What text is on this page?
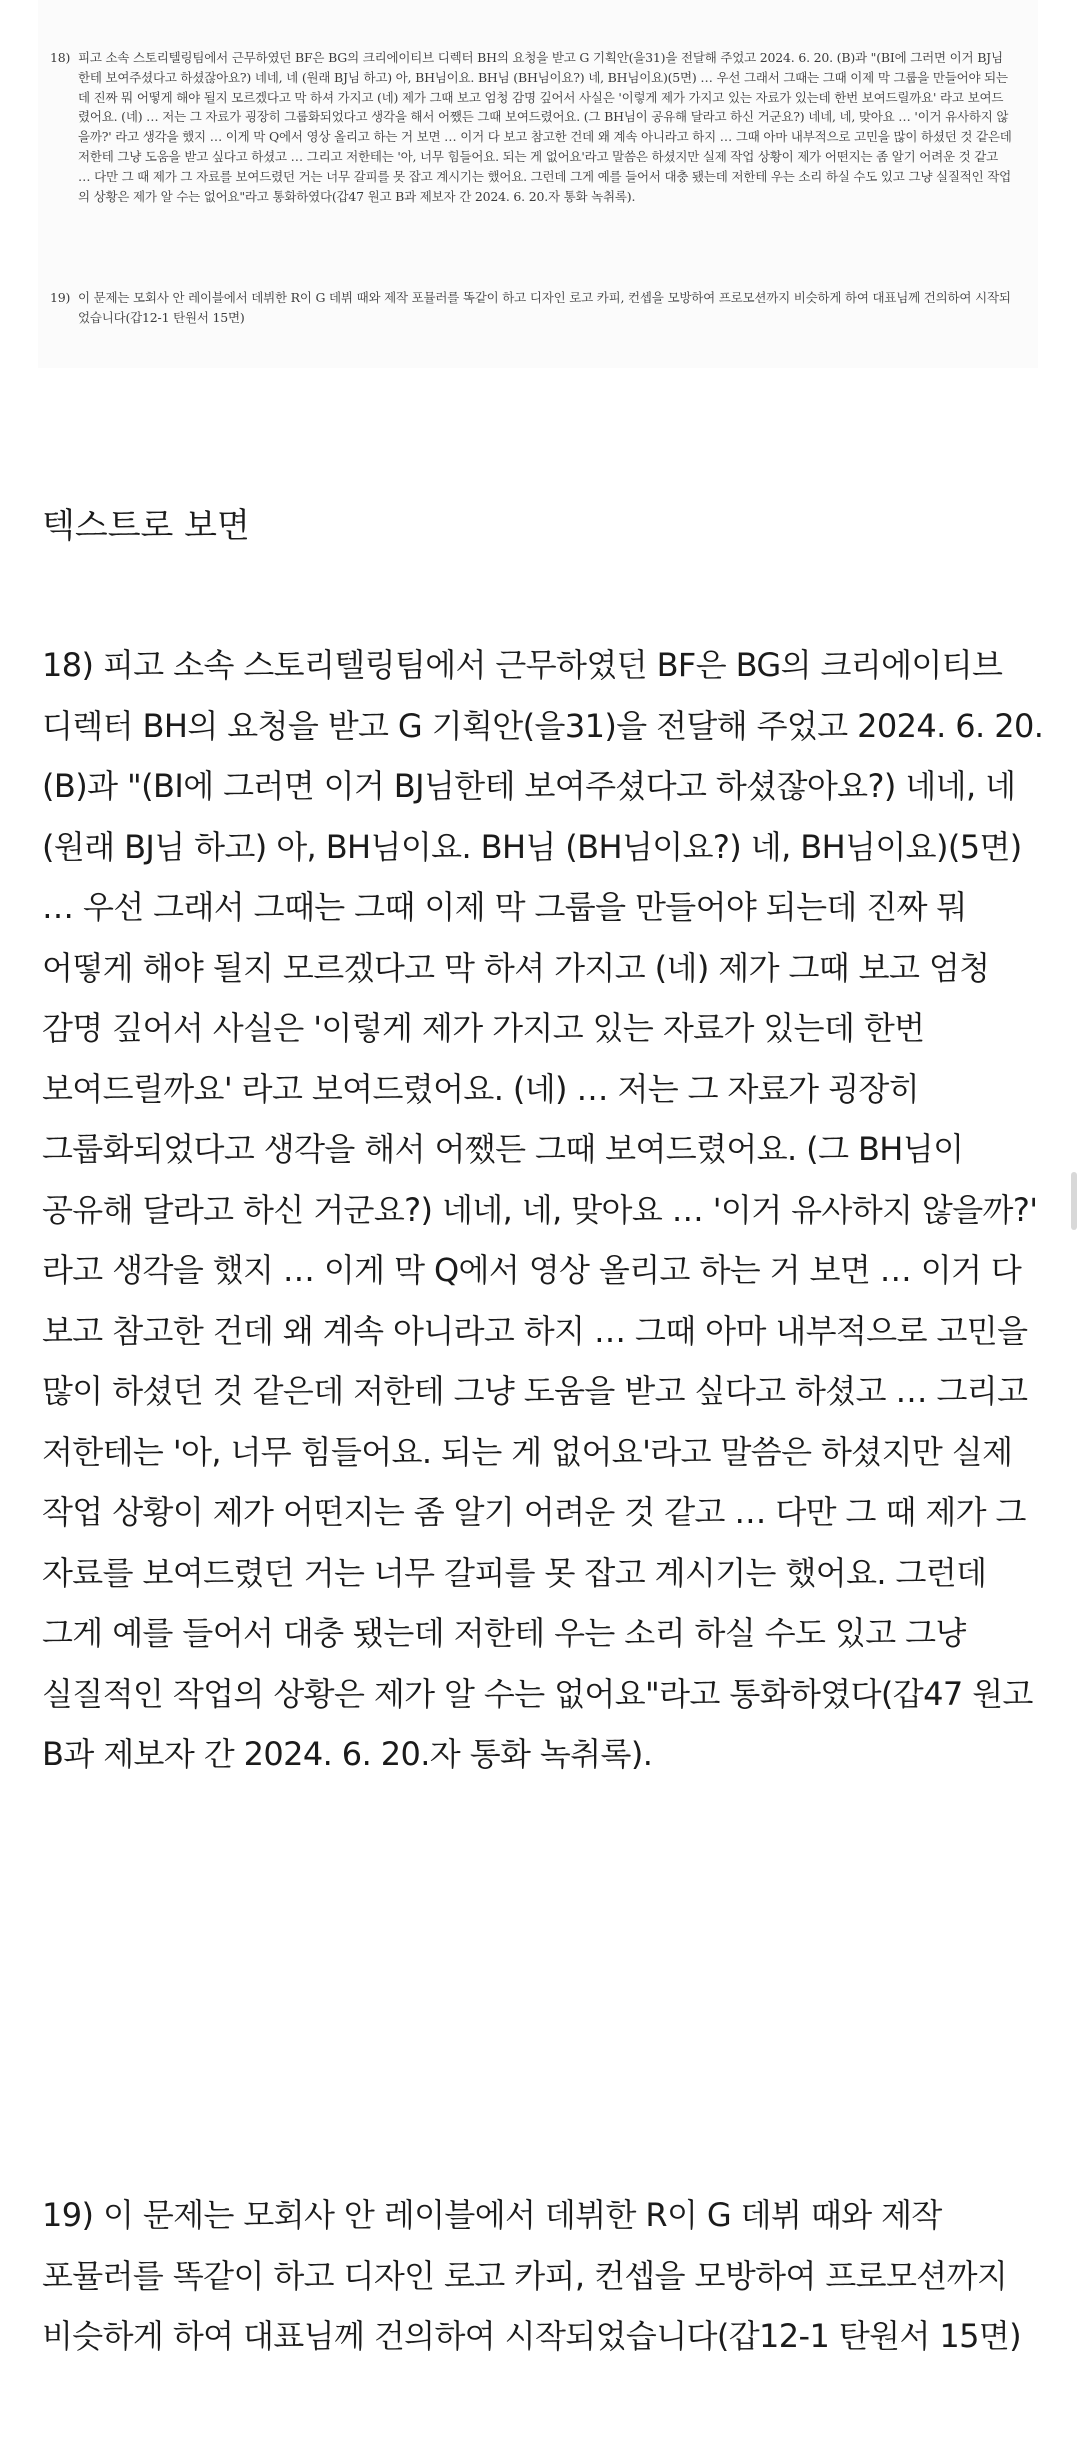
18) 피고 소속 스토리텔링팀에서 근무하였던 BF은 BG의 크리에이티브 디렉터 BH의 요청을 받고 G 기획안(을31)을 전달해 주었고 2024. 6. 20. (B)과 "(BI에 그러면 이거 BJ님한테 보여주셨다고 하셨잖아요?) 네네, 네 (원래 BJ님 하고) 아, BH님이요. BH님 (BH님이요?) 네, BH님이요)(5면) … 우선 그래서 그때는 그때 이제 막 그룹을 만들어야 되는데 진짜 뭐 어떻게 해야 될지 모르겠다고 막 하셔 가지고 (네) 제가 그때 보고 엄청 감명 깊어서 사실은 '이렇게 제가 가지고 있는 자료가 있는데 한번 보여드릴까요' 라고 보여드렸어요. (네) … 저는 그 자료가 굉장히 그룹화되었다고 생각을 해서 어쨌든 그때 보여드렸어요. (그 BH님이 공유해 달라고 하신 거군요?) 네네, 네, 맞아요 … '이거 유사하지 않을까?' 라고 생각을 했지 … 이게 막 Q에서 영상 올리고 하는 거 보면 … 이거 다 보고 참고한 건데 왜 계속 아니라고 하지 … 그때 아마 내부적으로 고민을 많이 하셨던 것 같은데 저한테 그냥 도움을 받고 싶다고 하셨고 … 그리고 저한테는 '아, 너무 힘들어요. 되는 게 없어요'라고 말씀은 하셨지만 실제 작업 상황이 제가 어떤지는 좀 알기 어려운 것 같고 … 다만 그 때 제가 그 자료를 보여드렸던 거는 너무 갈피를 못 잡고 계시기는 했어요. 그런데 그게 예를 들어서 대충 됐는데 저한테 우는 소리 하실 수도 있고 그냥 실질적인 작업의 상황은 제가 알 수는 없어요"라고 통화하였다(갑47 원고 B과 제보자 간 2024. 6. 20.자 통화 녹취록).
19) 이 문제는 모회사 안 레이블에서 데뷔한 R이 G 데뷔 때와 제작 포뮬러를 똑같이 하고 디자인 로고 카피, 컨셉을 모방하여 프로모션까지 비슷하게 하여 대표님께 건의하여 시작되었습니다(갑12-1 탄원서 15면)
텍스트로 보면

18) 피고 소속 스토리텔링팀에서 근무하였던 BF은 BG의 크리에이티브 디렉터 BH의 요청을 받고 G 기획안(을31)을 전달해 주었고 2024. 6. 20. (B)과 "(BI에 그러면 이거 BJ님한테 보여주셨다고 하셨잖아요?) 네네, 네 (원래 BJ님 하고) 아, BH님이요. BH님 (BH님이요?) 네, BH님이요)(5면) … 우선 그래서 그때는 그때 이제 막 그룹을 만들어야 되는데 진짜 뭐 어떻게 해야 될지 모르겠다고 막 하셔 가지고 (네) 제가 그때 보고 엄청 감명 깊어서 사실은 '이렇게 제가 가지고 있는 자료가 있는데 한번 보여드릴까요' 라고 보여드렸어요. (네) … 저는 그 자료가 굉장히 그룹화되었다고 생각을 해서 어쨌든 그때 보여드렸어요. (그 BH님이 공유해 달라고 하신 거군요?) 네네, 네, 맞아요 … '이거 유사하지 않을까?' 라고 생각을 했지 … 이게 막 Q에서 영상 올리고 하는 거 보면 … 이거 다 보고 참고한 건데 왜 계속 아니라고 하지 … 그때 아마 내부적으로 고민을 많이 하셨던 것 같은데 저한테 그냥 도움을 받고 싶다고 하셨고 … 그리고 저한테는 '아, 너무 힘들어요. 되는 게 없어요'라고 말씀은 하셨지만 실제 작업 상황이 제가 어떤지는 좀 알기 어려운 것 같고 … 다만 그 때 제가 그 자료를 보여드렸던 거는 너무 갈피를 못 잡고 계시기는 했어요. 그런데 그게 예를 들어서 대충 됐는데 저한테 우는 소리 하실 수도 있고 그냥 실질적인 작업의 상황은 제가 알 수는 없어요"라고 통화하였다(갑47 원고 B과 제보자 간 2024. 6. 20.자 통화 녹취록).

19) 이 문제는 모회사 안 레이블에서 데뷔한 R이 G 데뷔 때와 제작 포뮬러를 똑같이 하고 디자인 로고 카피, 컨셉을 모방하여 프로모션까지 비슷하게 하여 대표님께 건의하여 시작되었습니다(갑12-1 탄원서 15면)
